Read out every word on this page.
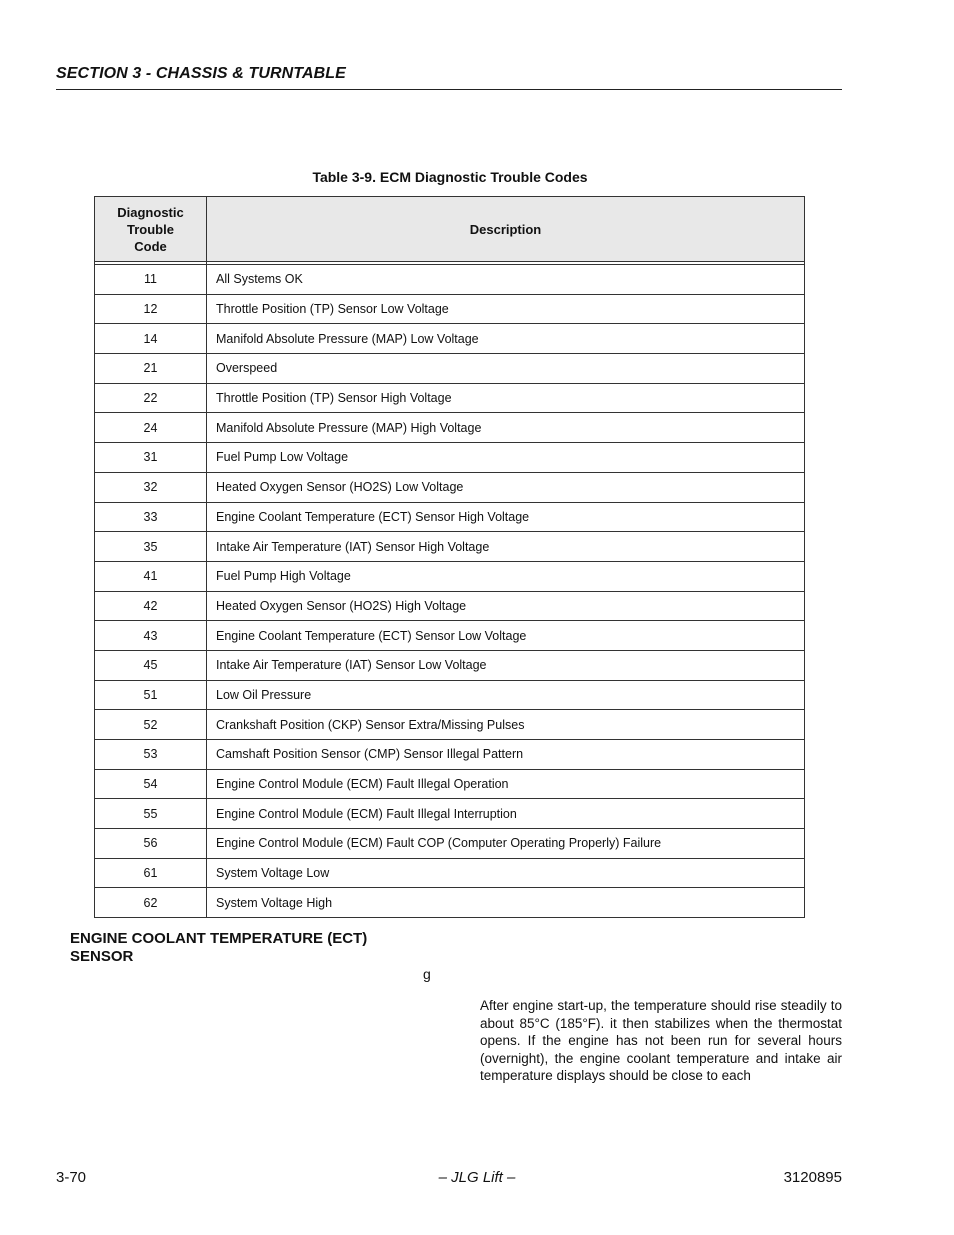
SECTION 3 - CHASSIS & TURNTABLE
Table 3-9. ECM Diagnostic Trouble Codes
Diagnostic
Trouble
Code	Description

11	All Systems OK
12	Throttle Position (TP) Sensor Low Voltage
14	Manifold Absolute Pressure (MAP) Low Voltage
21	Overspeed
22	Throttle Position (TP) Sensor High Voltage
24	Manifold Absolute Pressure (MAP) High Voltage
31	Fuel Pump Low Voltage
32	Heated Oxygen Sensor (HO2S) Low Voltage
33	Engine Coolant Temperature (ECT) Sensor High Voltage
35	Intake Air Temperature (IAT) Sensor High Voltage
41	Fuel Pump High Voltage
42	Heated Oxygen Sensor (HO2S) High Voltage
43	Engine Coolant Temperature (ECT) Sensor Low Voltage
45	Intake Air Temperature (IAT) Sensor Low Voltage
51	Low Oil Pressure
52	Crankshaft Position (CKP) Sensor Extra/Missing Pulses
53	Camshaft Position Sensor (CMP) Sensor Illegal Pattern
54	Engine Control Module (ECM) Fault Illegal Operation
55	Engine Control Module (ECM) Fault Illegal Interruption
56	Engine Control Module (ECM) Fault COP (Computer Operating Properly) Failure
61	System Voltage Low
62	System Voltage High
ENGINE COOLANT TEMPERATURE (ECT) SENSOR
g
After engine start-up, the temperature should rise steadily to about 85°C (185°F). it then stabilizes when the thermostat opens. If the engine has not been run for several hours (overnight), the engine coolant temperature and intake air temperature displays should be close to each
3-70	– JLG Lift –	3120895
